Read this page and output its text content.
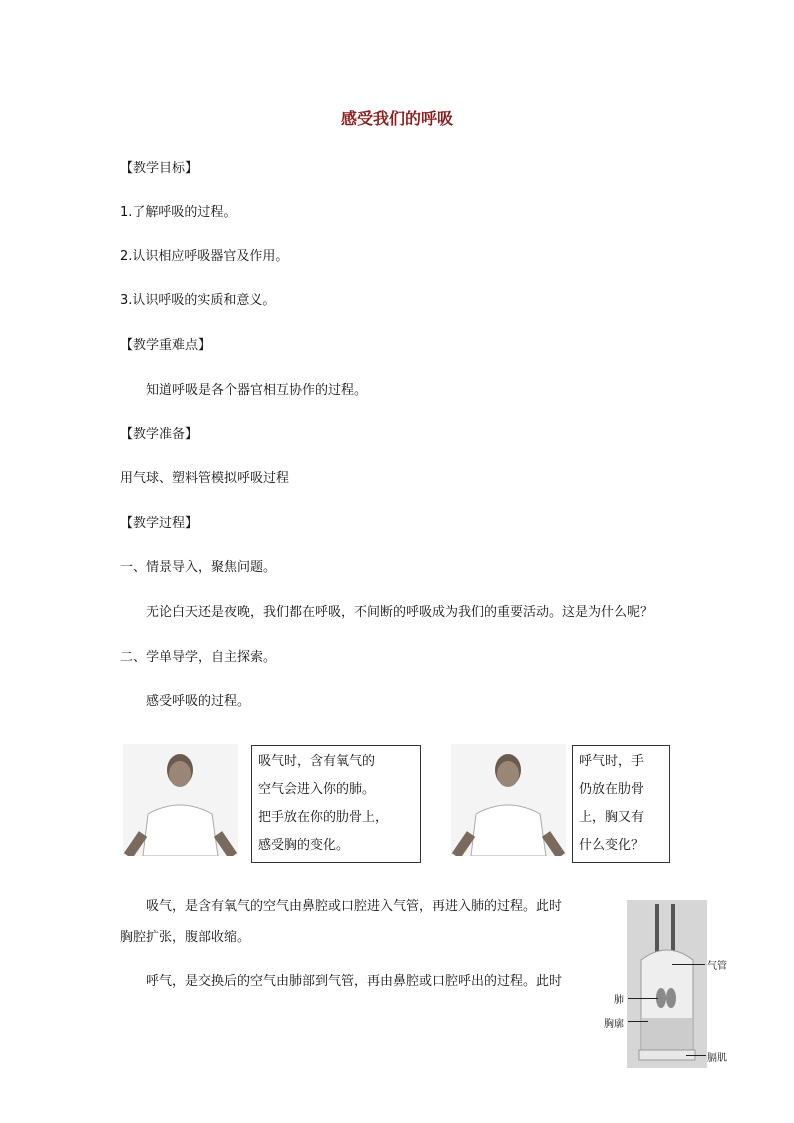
感受我们的呼吸
【教学目标】
1.了解呼吸的过程。
2.认识相应呼吸器官及作用。
3.认识呼吸的实质和意义。
【教学重难点】
知道呼吸是各个器官相互协作的过程。
【教学准备】
用气球、塑料管模拟呼吸过程
【教学过程】
一、情景导入，聚焦问题。
无论白天还是夜晚，我们都在呼吸，不间断的呼吸成为我们的重要活动。这是为什么呢？
二、学单导学，自主探索。
感受呼吸的过程。
吸气时，含有氧气的
空气会进入你的肺。
把手放在你的肋骨上，
感受胸的变化。
呼气时，手
仍放在肋骨
上，胸又有
什么变化？
吸气，是含有氧气的空气由鼻腔或口腔进入气管，再进入肺的过程。此时
胸腔扩张，腹部收缩。
呼气，是交换后的空气由肺部到气管，再由鼻腔或口腔呼出的过程。此时
气管
肺
胸廓
膈肌
